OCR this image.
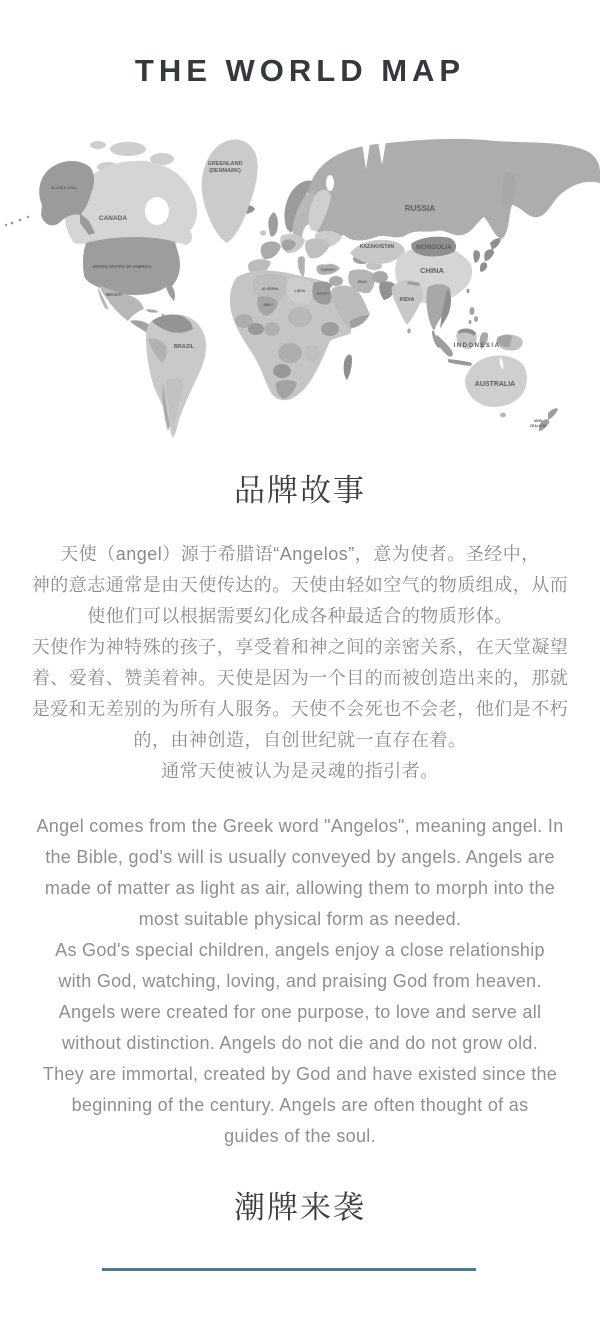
THE WORLD MAP
GREENLAND
(DENMARK)
CANADA
ALASKA (USA)
UNITED STATES OF AMERICA
MEXICO
BRAZIL
RUSSIA
KAZAKHSTAN	MONGOLIA
CHINA
INDIA
INDONESIA
AUSTRALIA
ALGERIA	LIBYA
MALI
EGYPT
TURKEY
IRAN
NEW
ZEALAND
品牌故事
天使（angel）源于希腊语“Angelos”，意为使者。圣经中，
神的意志通常是由天使传达的。天使由轻如空气的物质组成，从而
使他们可以根据需要幻化成各种最适合的物质形体。
天使作为神特殊的孩子，享受着和神之间的亲密关系，在天堂凝望
着、爱着、赞美着神。天使是因为一个目的而被创造出来的，那就
是爱和无差别的为所有人服务。天使不会死也不会老，他们是不朽
的，由神创造，自创世纪就一直存在着。
通常天使被认为是灵魂的指引者。
Angel comes from the Greek word "Angelos", meaning angel. In
the Bible, god's will is usually conveyed by angels. Angels are
made of matter as light as air, allowing them to morph into the
most suitable physical form as needed.
As God's special children, angels enjoy a close relationship
with God, watching, loving, and praising God from heaven.
Angels were created for one purpose, to love and serve all
without distinction. Angels do not die and do not grow old.
They are immortal, created by God and have existed since the
beginning of the century. Angels are often thought of as
guides of the soul.
潮牌来袭
